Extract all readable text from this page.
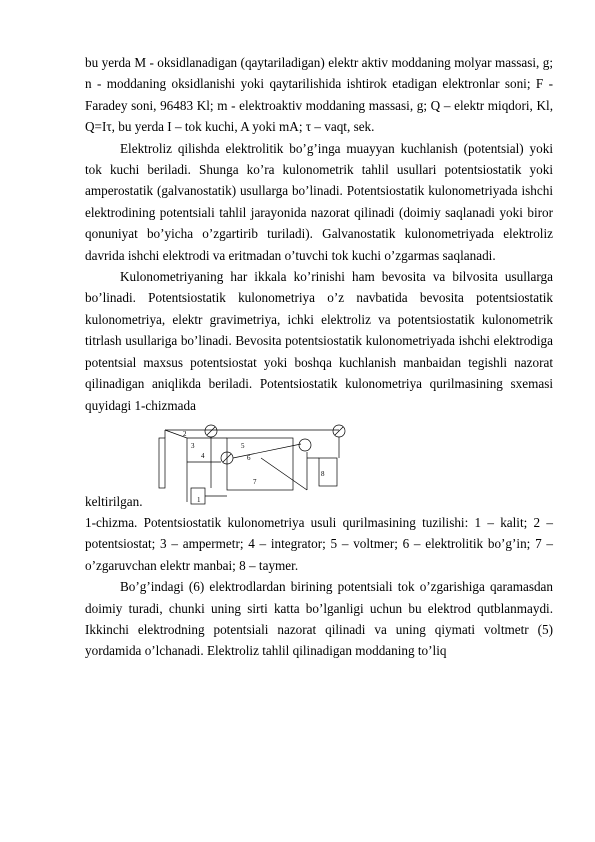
bu yerda M - oksidlanadigan (qaytariladigan) elektr aktiv moddaning molyar massasi, g; n - moddaning oksidlanishi yoki qaytarilishida ishtirok etadigan elektronlar soni; F - Faradey soni, 96483 Kl; m - elektroaktiv moddaning massasi, g; Q – elektr miqdori, Kl, Q=Iτ, bu yerda I – tok kuchi, A yoki mA; τ – vaqt, sek.

Elektroliz qilishda elektrolitik bo’g’inga muayyan kuchlanish (potentsial) yoki tok kuchi beriladi. Shunga ko’ra kulonometrik tahlil usullari potentsiostatik yoki amperostatik (galvanostatik) usullarga bo’linadi. Potentsiostatik kulonometriyada ishchi elektrodining potentsiali tahlil jarayonida nazorat qilinadi (doimiy saqlanadi yoki biror qonuniyat bo’yicha o’zgartirib turiladi). Galvanostatik kulonometriyada elektroliz davrida ishchi elektrodi va eritmadan o’tuvchi tok kuchi o’zgarmas saqlanadi.

Kulonometriyaning har ikkala ko’rinishi ham bevosita va bilvosita usullarga bo’linadi. Potentsiostatik kulonometriya o’z navbatida bevosita potentsiostatik kulonometriya, elektr gravimetriya, ichki elektroliz va potentsiostatik kulonometrik titrlash usullariga bo’linadi. Bevosita potentsiostatik kulonometriyada ishchi elektrodiga potentsial maxsus potentsiostat yoki boshqa kuchlanish manbaidan tegishli nazorat qilinadigan aniqlikda beriladi. Potentsiostatik kulonometriya qurilmasining sxemasi quyidagi 1-chizmada

keltirilgan.	1
2
3
4
5
6
7
8

1-chizma. Potentsiostatik kulonometriya usuli qurilmasining tuzilishi: 1 – kalit; 2 – potentsiostat; 3 – ampermetr; 4 – integrator; 5 – voltmer; 6 – elektrolitik bo’g’in; 7 – o’zgaruvchan elektr manbai; 8 – taymer.

Bo’g’indagi (6) elektrodlardan birining potentsiali tok o’zgarishiga qaramasdan doimiy turadi, chunki uning sirti katta bo’lganligi uchun bu elektrod qutblanmaydi. Ikkinchi elektrodning potentsiali nazorat qilinadi va uning qiymati voltmetr (5) yordamida o’lchanadi. Elektroliz tahlil qilinadigan moddaning to’liq
